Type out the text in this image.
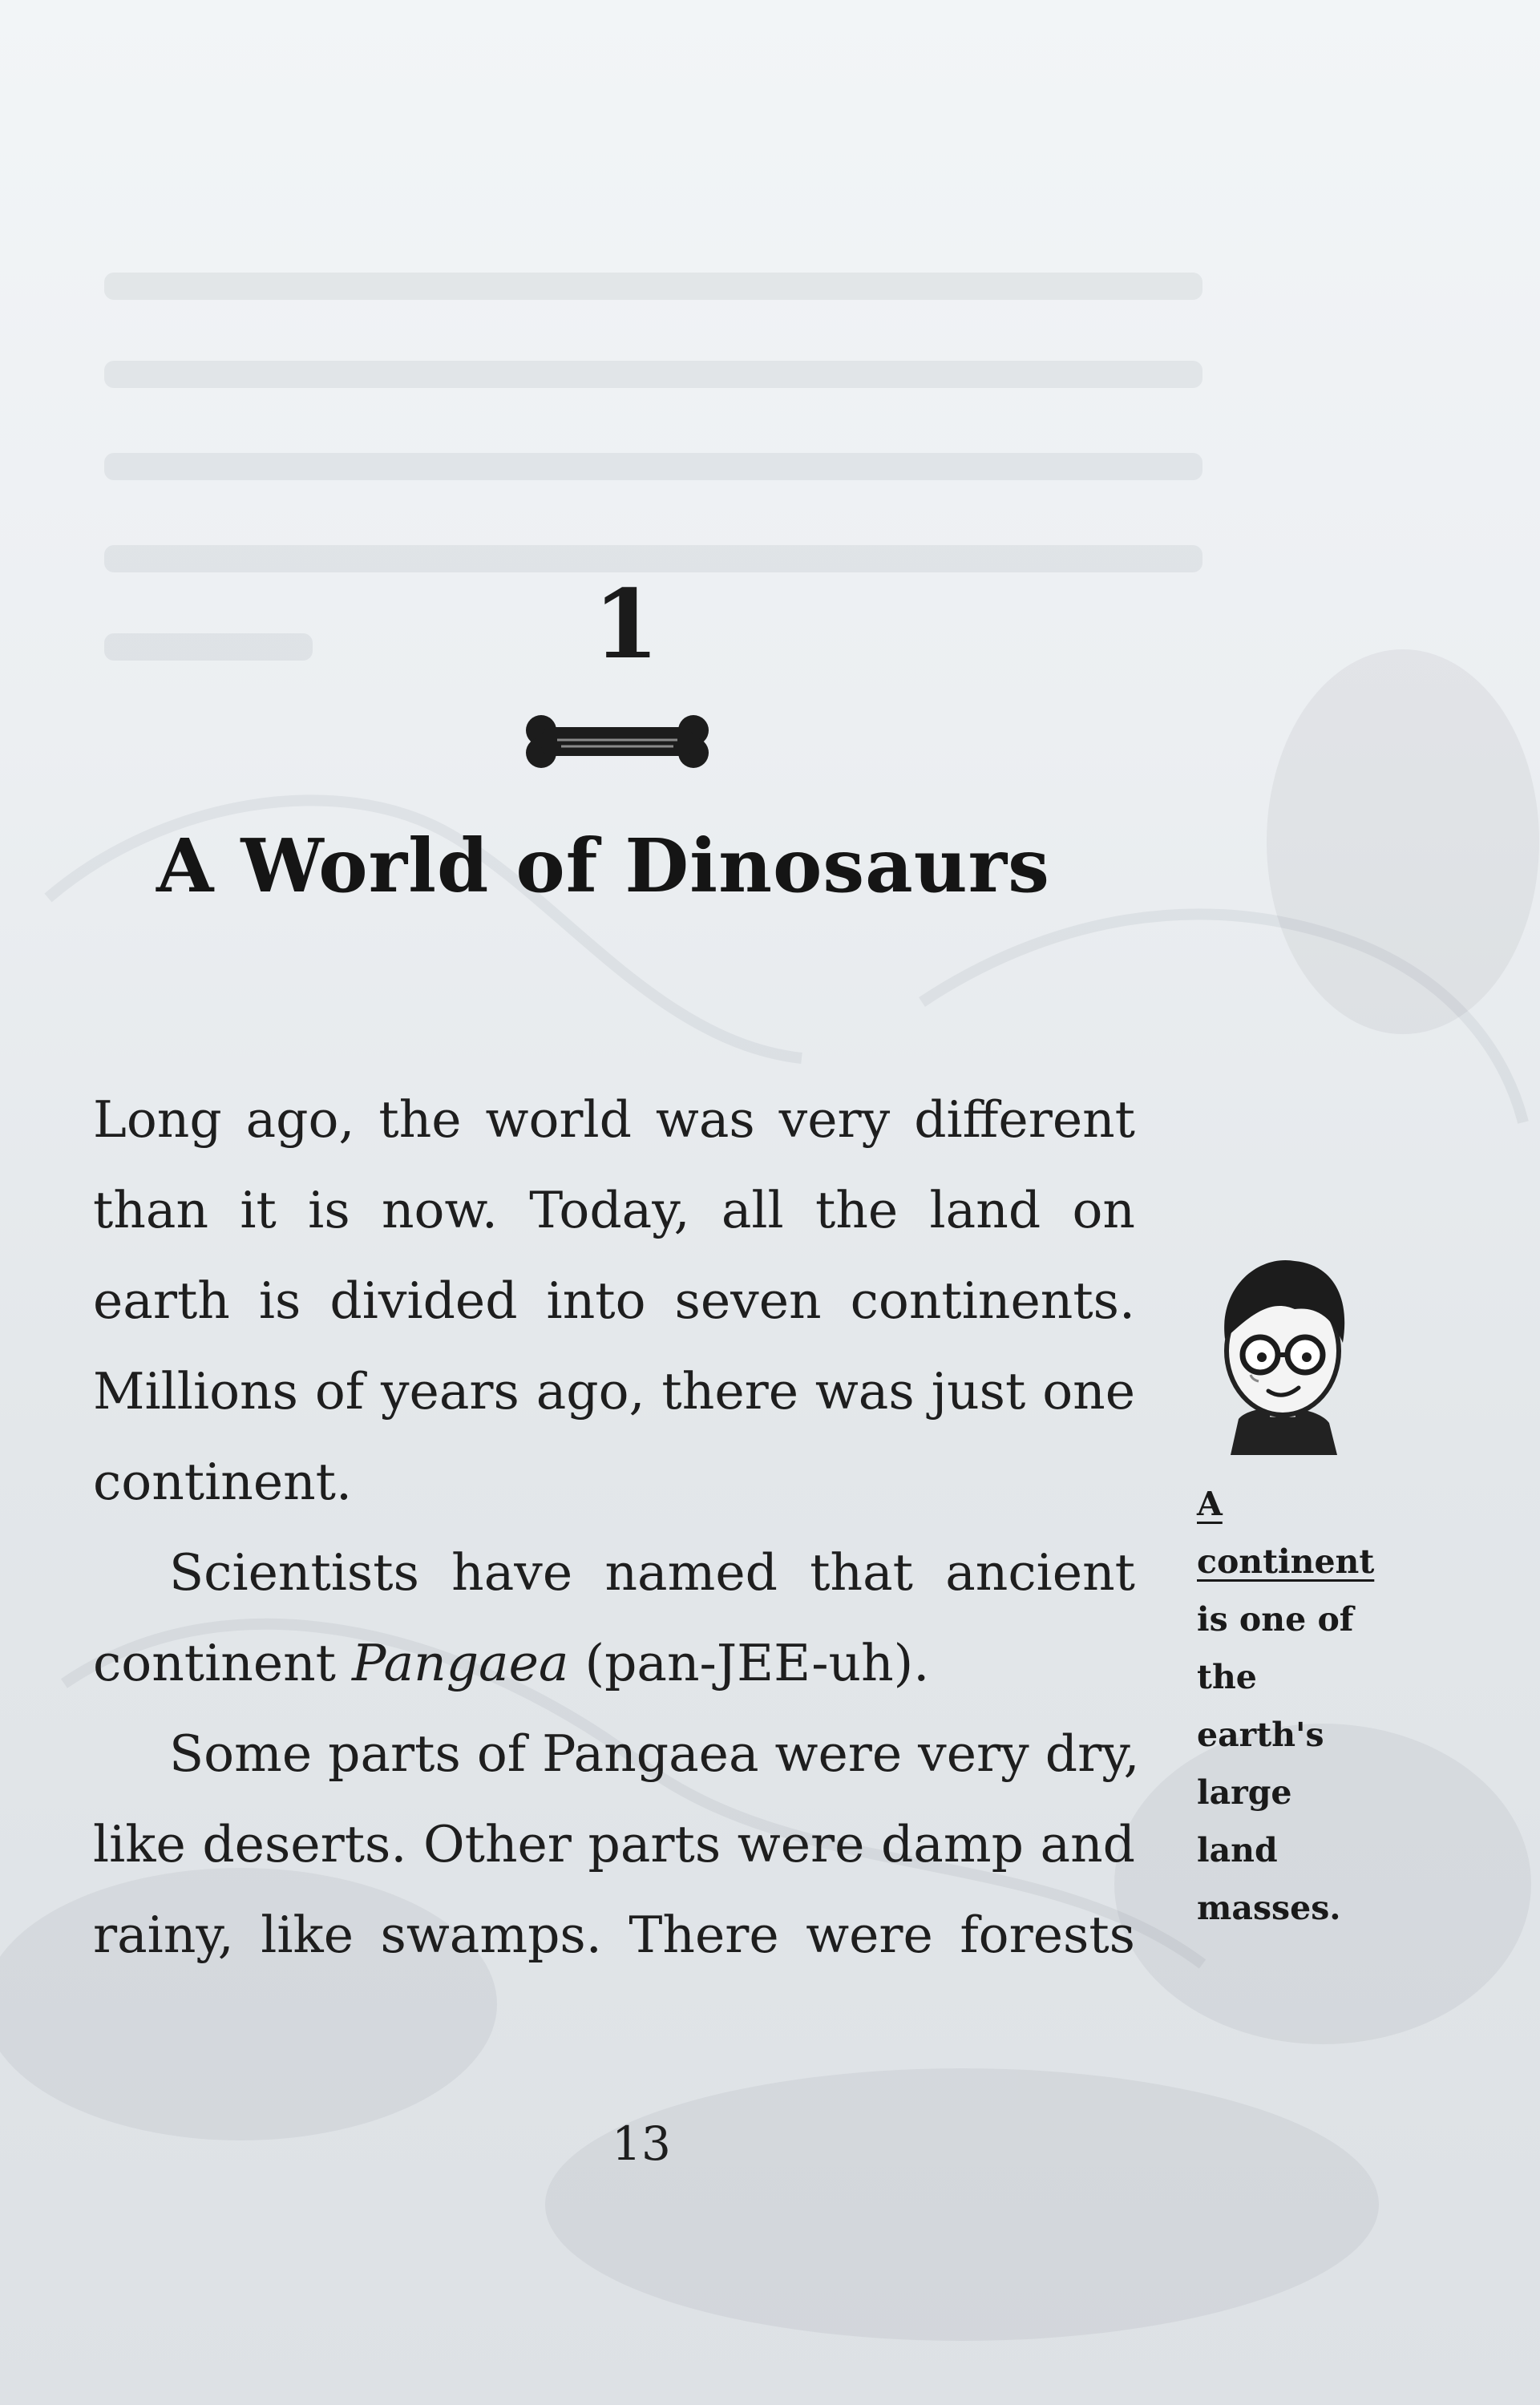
1
A World of Dinosaurs
Long ago, the world was very different
than it is now. Today, all the land on
earth is divided into seven continents.
Millions of years ago, there was just one
continent.
Scientists have named that ancient
continent Pangaea (pan-JEE-uh).
Some parts of Pangaea were very dry,
like deserts. Other parts were damp and
rainy, like swamps. There were forests
A continent
is one of the
earth's large
land masses.
13
